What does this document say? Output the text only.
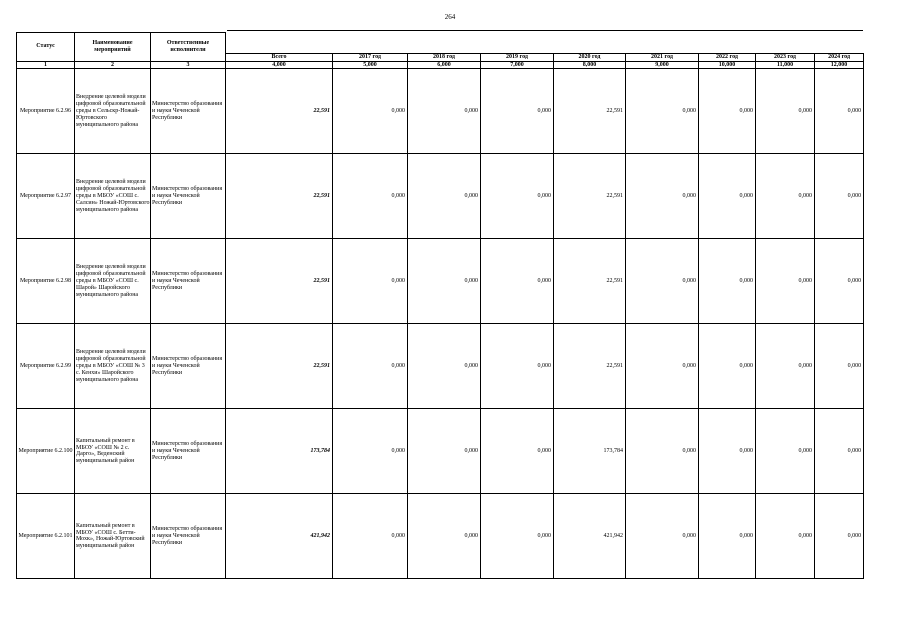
264
Статус	Наименование мероприятий	Ответственные исполнители									
			Всего	2017 год	2018 год	2019 год	2020 год	2021 год	2022 год	2023 год	2024 год
1	2	3	4,000	5,000	6,000	7,000	8,000	9,000	10,000	11,000	12,000
Мероприятие 6.2.96	Внедрение целевой модели цифровой образовательной среды в Сельскр-Ножай-Юртовского муниципального района	Министерство образования и науки Чеченской Республики	22,591	0,000	0,000	0,000	22,591	0,000	0,000	0,000	0,000
Мероприятие 6.2.97	Внедрение целевой модели цифровой образовательной среды в МБОУ «СОШ с. Салсин» Ножай-Юртовского муниципального района	Министерство образования и науки Чеченской Республики	22,591	0,000	0,000	0,000	22,591	0,000	0,000	0,000	0,000
Мероприятие 6.2.98	Внедрение целевой модели цифровой образовательной среды в МБОУ «СОШ с. Шарой» Шаройского муниципального района	Министерство образования и науки Чеченской Республики	22,591	0,000	0,000	0,000	22,591	0,000	0,000	0,000	0,000
Мероприятие 6.2.99	Внедрение целевой модели цифровой образовательной среды в МБОУ «СОШ № 3 с. Кенхи» Шаройского муниципального района	Министерство образования и науки Чеченской Республики	22,591	0,000	0,000	0,000	22,591	0,000	0,000	0,000	0,000
Мероприятие 6.2.100	Капитальный ремонт в МБОУ «СОШ № 2 с. Дарго», Веденский муниципальный район	Министерство образования и науки Чеченской Республики	173,784	0,000	0,000	0,000	173,784	0,000	0,000	0,000	0,000
Мероприятие 6.2.101	Капитальный ремонт в МБОУ «СОШ с. Бетти-Мохк», Ножай-Юртовский муниципальный район	Министерство образования и науки Чеченской Республики	421,942	0,000	0,000	0,000	421,942	0,000	0,000	0,000	0,000
